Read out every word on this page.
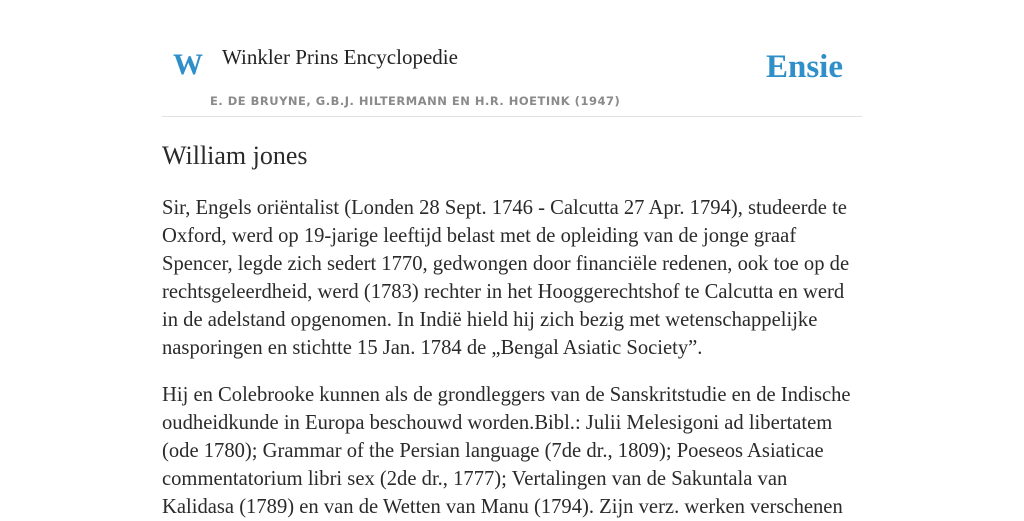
W Winkler Prins Encyclopedie
E. DE BRUYNE, G.B.J. HILTERMANN EN H.R. HOETINK (1947)
Ensie
William jones

Sir, Engels oriëntalist (Londen 28 Sept. 1746 - Calcutta 27 Apr. 1794), studeerde te Oxford, werd op 19-jarige leeftijd belast met de opleiding van de jonge graaf Spencer, legde zich sedert 1770, gedwongen door financiële redenen, ook toe op de rechtsgeleerdheid, werd (1783) rechter in het Hooggerechtshof te Calcutta en werd in de adelstand opgenomen. In Indië hield hij zich bezig met wetenschappelijke nasporingen en stichtte 15 Jan. 1784 de „Bengal Asiatic Society”.

Hij en Colebrooke kunnen als de grondleggers van de Sanskritstudie en de Indische oudheidkunde in Europa beschouwd worden.Bibl.: Julii Melesigoni ad libertatem (ode 1780); Grammar of the Persian language (7de dr., 1809); Poeseos Asiaticae commentatorium libri sex (2de dr., 1777); Vertalingen van de Sakuntala van Kalidasa (1789) en van de Wetten van Manu (1794). Zijn verz. werken verschenen
